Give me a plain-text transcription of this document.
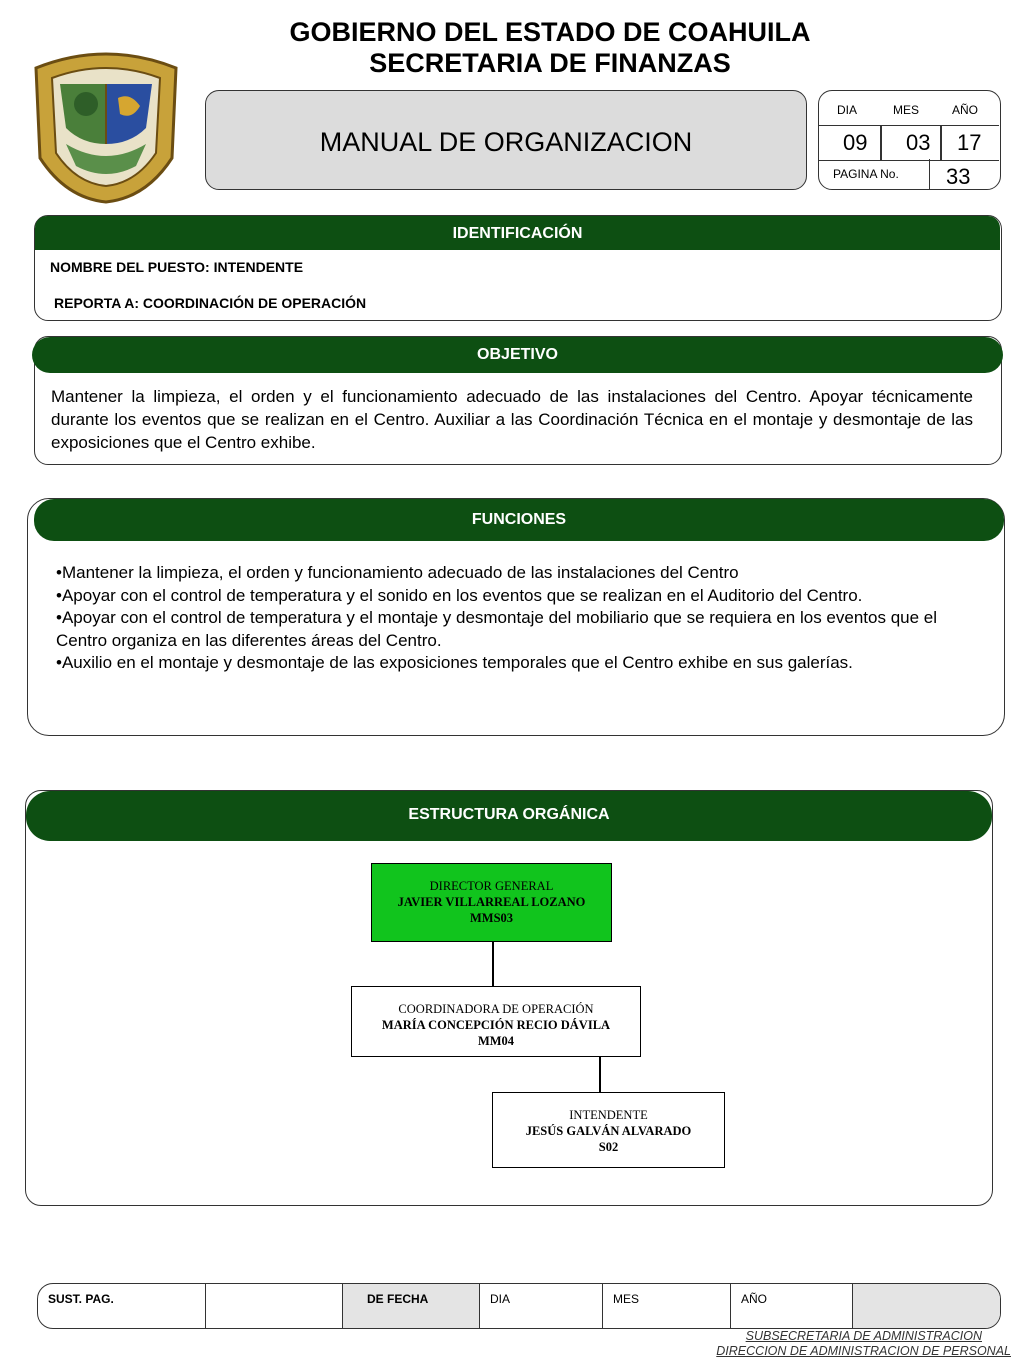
GOBIERNO DEL ESTADO DE COAHUILA
SECRETARIA DE FINANZAS
MANUAL DE ORGANIZACION
DIA	MES	AÑO
09 03 17
PAGINA No. 33
IDENTIFICACIÓN
NOMBRE DEL PUESTO: INTENDENTE
REPORTA A: COORDINACIÓN DE OPERACIÓN
OBJETIVO
Mantener la limpieza, el orden y el funcionamiento adecuado de las instalaciones del Centro. Apoyar técnicamente durante los eventos que se realizan en el Centro. Auxiliar a las Coordinación Técnica en el montaje y desmontaje de las exposiciones que el Centro exhibe.
FUNCIONES
•Mantener la limpieza, el orden y funcionamiento adecuado de las instalaciones del Centro
•Apoyar con el control de temperatura y el sonido en los eventos que se realizan en el Auditorio del Centro.
•Apoyar con el control de temperatura y el montaje y desmontaje del mobiliario que se requiera en los eventos que el Centro organiza en las diferentes áreas del Centro.
•Auxilio en el montaje y desmontaje de las exposiciones temporales que el Centro exhibe en sus galerías.
ESTRUCTURA ORGÁNICA
DIRECTOR GENERAL
JAVIER VILLARREAL LOZANO
MMS03
COORDINADORA DE OPERACIÓN
MARÍA CONCEPCIÓN RECIO DÁVILA
MM04
INTENDENTE
JESÚS GALVÁN ALVARADO
S02
SUST. PAG.	DE FECHA	DIA	MES	AÑO
SUBSECRETARIA DE ADMINISTRACION
DIRECCION DE ADMINISTRACION DE PERSONAL
